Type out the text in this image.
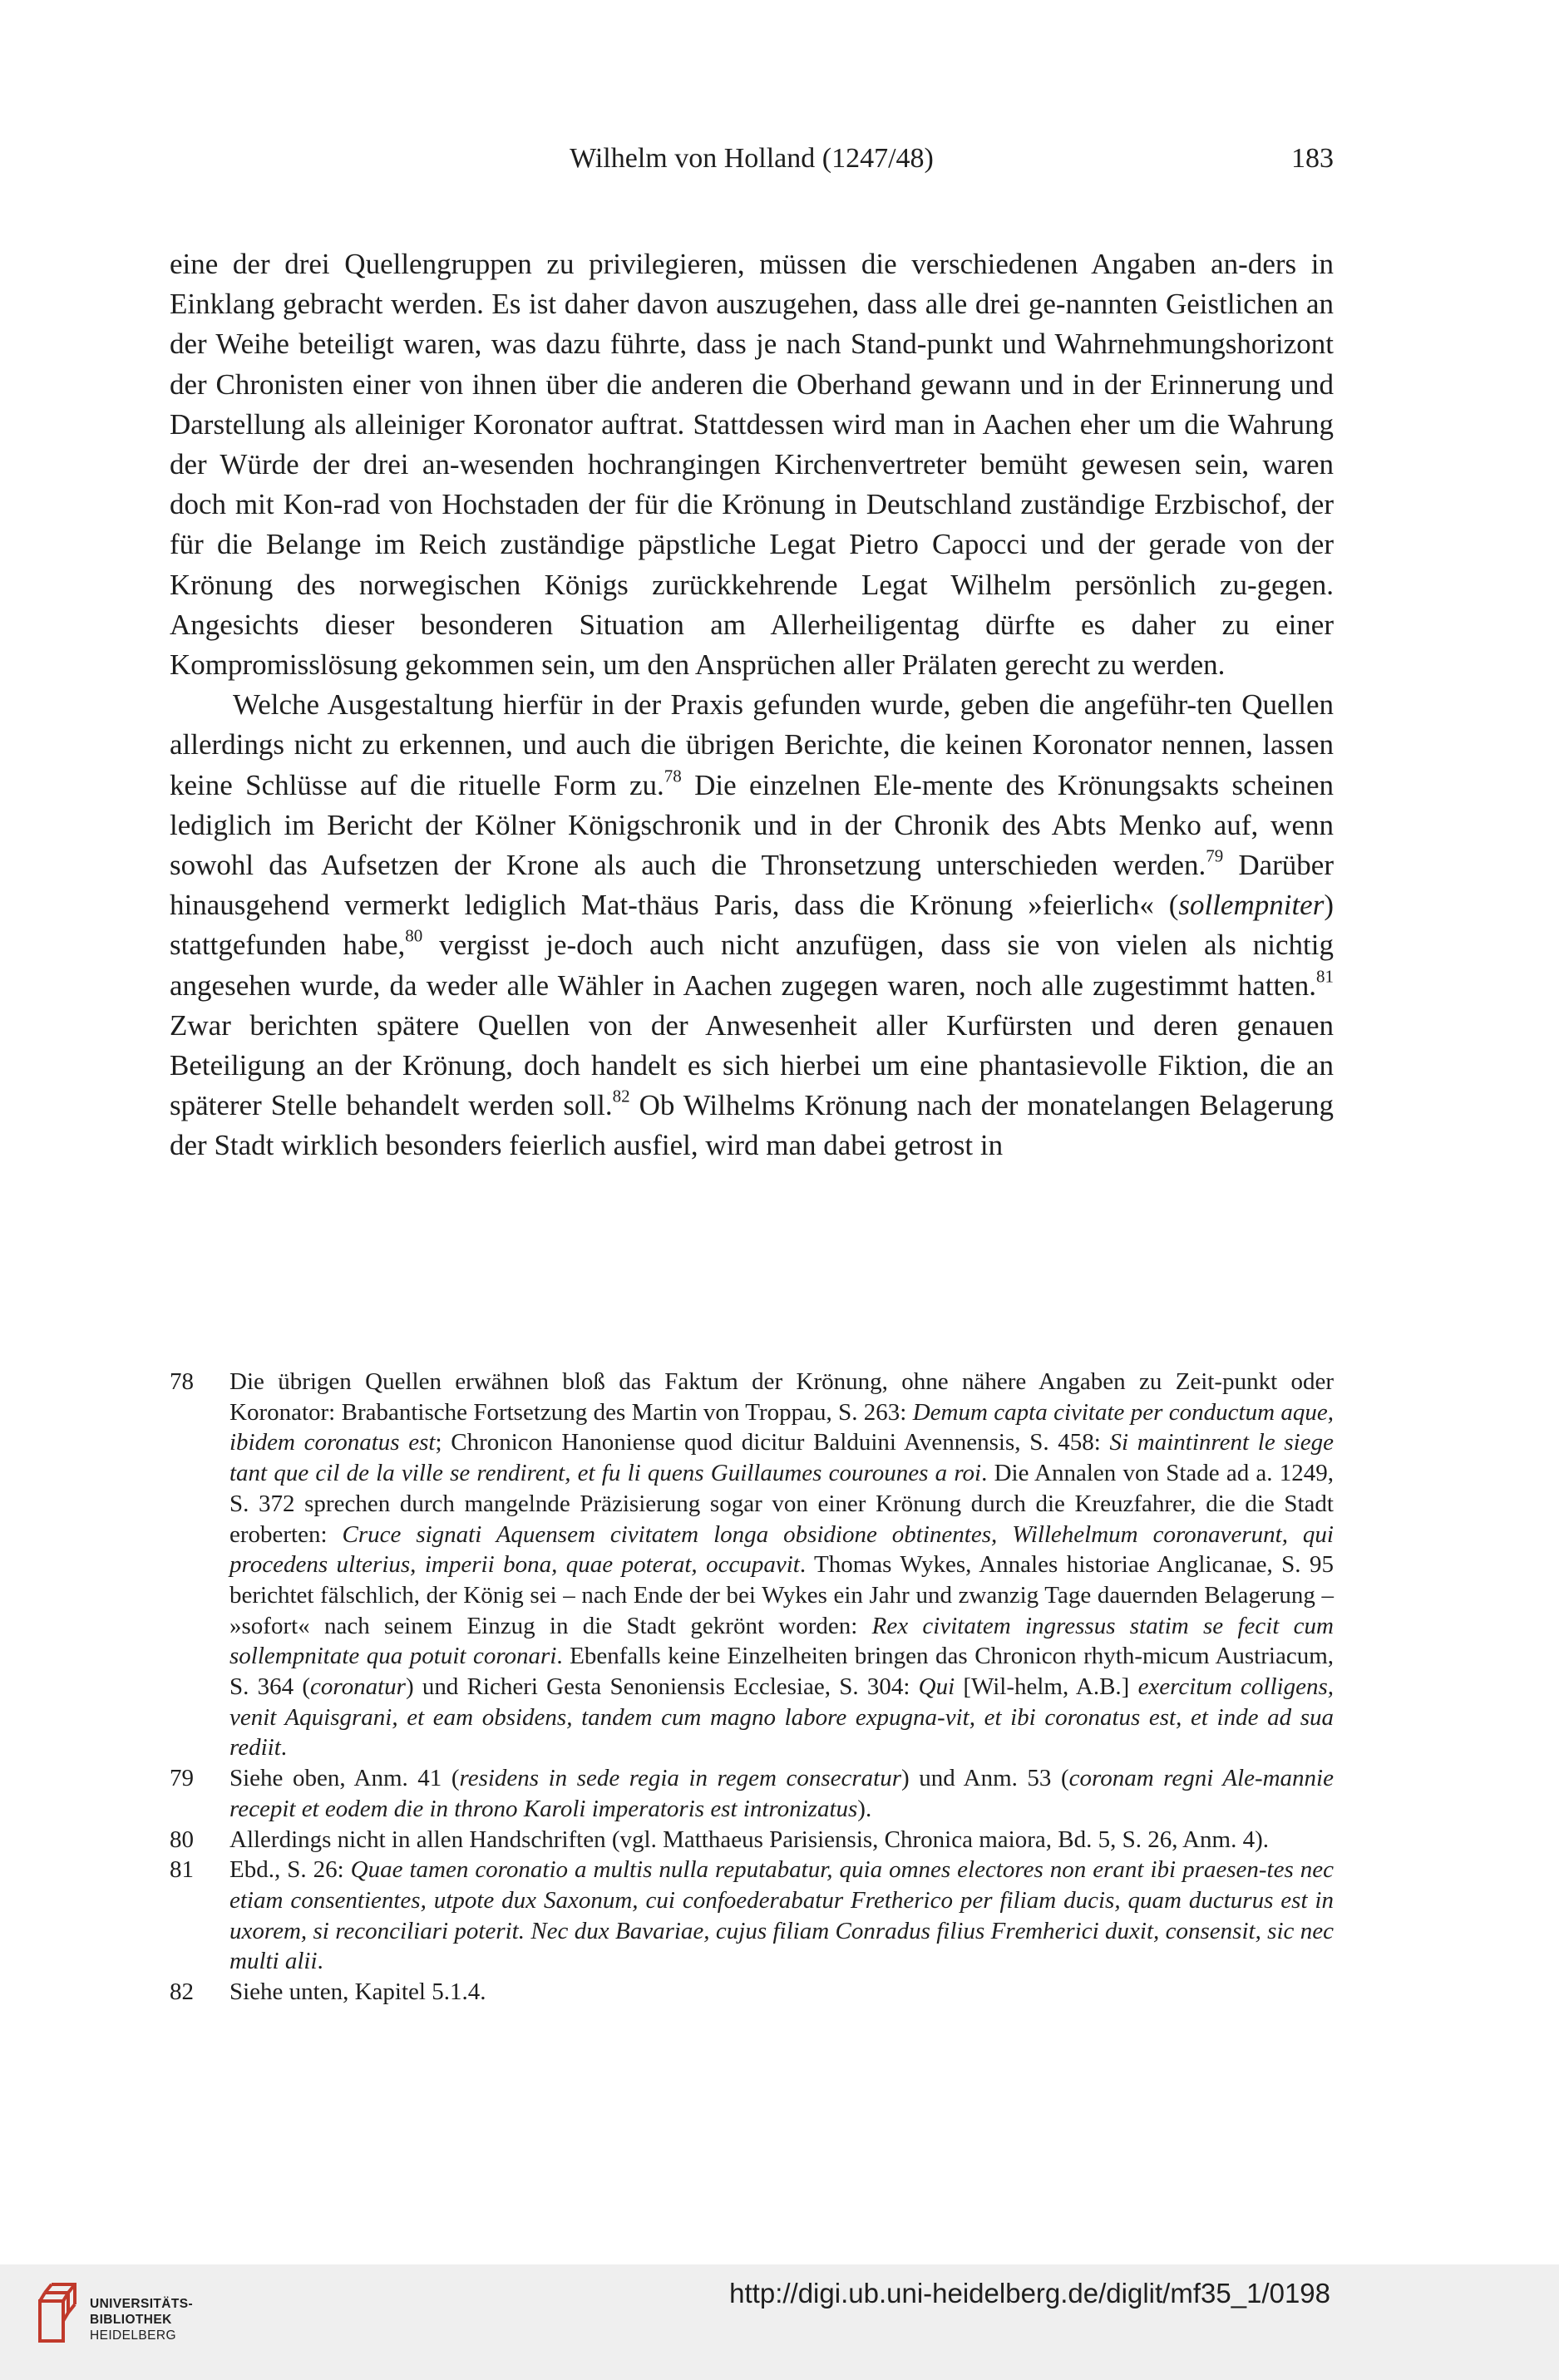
Wilhelm von Holland (1247/48)	183

eine der drei Quellengruppen zu privilegieren, müssen die verschiedenen Angaben an-ders in Einklang gebracht werden. Es ist daher davon auszugehen, dass alle drei ge-nannten Geistlichen an der Weihe beteiligt waren, was dazu führte, dass je nach Stand-punkt und Wahrnehmungshorizont der Chronisten einer von ihnen über die anderen die Oberhand gewann und in der Erinnerung und Darstellung als alleiniger Koronator auftrat. Stattdessen wird man in Aachen eher um die Wahrung der Würde der drei an-wesenden hochrangingen Kirchenvertreter bemüht gewesen sein, waren doch mit Kon-rad von Hochstaden der für die Krönung in Deutschland zuständige Erzbischof, der für die Belange im Reich zuständige päpstliche Legat Pietro Capocci und der gerade von der Krönung des norwegischen Königs zurückkehrende Legat Wilhelm persönlich zu-gegen. Angesichts dieser besonderen Situation am Allerheiligentag dürfte es daher zu einer Kompromisslösung gekommen sein, um den Ansprüchen aller Prälaten gerecht zu werden.

Welche Ausgestaltung hierfür in der Praxis gefunden wurde, geben die angeführ-ten Quellen allerdings nicht zu erkennen, und auch die übrigen Berichte, die keinen Koronator nennen, lassen keine Schlüsse auf die rituelle Form zu.$^{78}$ Die einzelnen Ele-mente des Krönungsakts scheinen lediglich im Bericht der Kölner Königschronik und in der Chronik des Abts Menko auf, wenn sowohl das Aufsetzen der Krone als auch die Thronsetzung unterschieden werden.$^{79}$ Darüber hinausgehend vermerkt lediglich Mat-thäus Paris, dass die Krönung »feierlich« (sollempniter) stattgefunden habe,$^{80}$ vergisst je-doch auch nicht anzufügen, dass sie von vielen als nichtig angesehen wurde, da weder alle Wähler in Aachen zugegen waren, noch alle zugestimmt hatten.$^{81}$ Zwar berichten spätere Quellen von der Anwesenheit aller Kurfürsten und deren genauen Beteiligung an der Krönung, doch handelt es sich hierbei um eine phantasievolle Fiktion, die an späterer Stelle behandelt werden soll.$^{82}$ Ob Wilhelms Krönung nach der monatelangen Belagerung der Stadt wirklich besonders feierlich ausfiel, wird man dabei getrost in

78	Die übrigen Quellen erwähnen bloß das Faktum der Krönung, ohne nähere Angaben zu Zeit-punkt oder Koronator: Brabantische Fortsetzung des Martin von Troppau, S. 263: Demum capta civitate per conductum aque, ibidem coronatus est; Chronicon Hanoniense quod dicitur Balduini Avennensis, S. 458: Si maintinrent le siege tant que cil de la ville se rendirent, et fu li quens Guillaumes courounes a roi. Die Annalen von Stade ad a. 1249, S. 372 sprechen durch mangelnde Präzisierung sogar von einer Krönung durch die Kreuzfahrer, die die Stadt eroberten: Cruce signati Aquensem civitatem longa obsidione obtinentes, Willehelmum coronaverunt, qui procedens ulterius, imperii bona, quae poterat, occupavit. Thomas Wykes, Annales historiae Anglicanae, S. 95 berichtet fälschlich, der König sei – nach Ende der bei Wykes ein Jahr und zwanzig Tage dauernden Belagerung – »sofort« nach seinem Einzug in die Stadt gekrönt worden: Rex civitatem ingressus statim se fecit cum sollempnitate qua potuit coronari. Ebenfalls keine Einzelheiten bringen das Chronicon rhyth-micum Austriacum, S. 364 (coronatur) und Richeri Gesta Senoniensis Ecclesiae, S. 304: Qui [Wil-helm, A.B.] exercitum colligens, venit Aquisgrani, et eam obsidens, tandem cum magno labore expugna-vit, et ibi coronatus est, et inde ad sua rediit.
79	Siehe oben, Anm. 41 (residens in sede regia in regem consecratur) und Anm. 53 (coronam regni Ale-mannie recepit et eodem die in throno Karoli imperatoris est intronizatus).
80	Allerdings nicht in allen Handschriften (vgl. Matthaeus Parisiensis, Chronica maiora, Bd. 5, S. 26, Anm. 4).
81	Ebd., S. 26: Quae tamen coronatio a multis nulla reputabatur, quia omnes electores non erant ibi praesen-tes nec etiam consentientes, utpote dux Saxonum, cui confoederabatur Fretherico per filiam ducis, quam ducturus est in uxorem, si reconciliari poterit. Nec dux Bavariae, cujus filiam Conradus filius Frетherici duxit, consensit, sic nec multi alii.
82	Siehe unten, Kapitel 5.1.4.
UNIVERSITÄTS-
BIBLIOTHEK
HEIDELBERG
http://digi.ub.uni-heidelberg.de/diglit/mf35_1/0198
